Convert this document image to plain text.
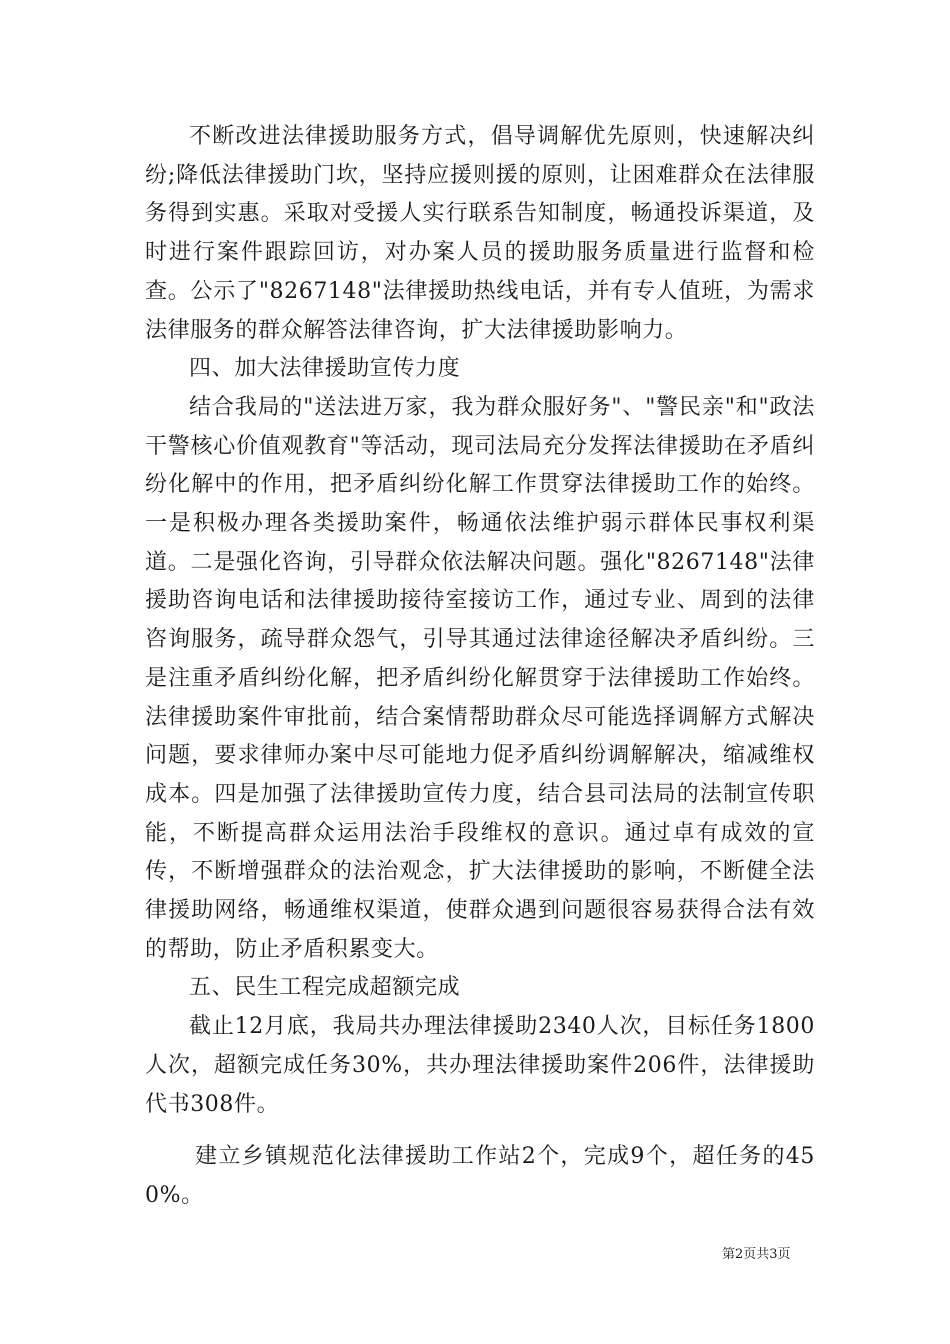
不断改进法律援助服务方式，倡导调解优先原则，快速解决纠纷;降低法律援助门坎，坚持应援则援的原则，让困难群众在法律服务得到实惠。采取对受援人实行联系告知制度，畅通投诉渠道，及时进行案件跟踪回访，对办案人员的援助服务质量进行监督和检查。公示了"8267148"法律援助热线电话，并有专人值班，为需求法律服务的群众解答法律咨询，扩大法律援助影响力。

四、加大法律援助宣传力度

结合我局的"送法进万家，我为群众服好务"、"警民亲"和"政法干警核心价值观教育"等活动，现司法局充分发挥法律援助在矛盾纠纷化解中的作用，把矛盾纠纷化解工作贯穿法律援助工作的始终。一是积极办理各类援助案件，畅通依法维护弱示群体民事权利渠道。二是强化咨询，引导群众依法解决问题。强化"8267148"法律援助咨询电话和法律援助接待室接访工作，通过专业、周到的法律咨询服务，疏导群众怨气，引导其通过法律途径解决矛盾纠纷。三是注重矛盾纠纷化解，把矛盾纠纷化解贯穿于法律援助工作始终。法律援助案件审批前，结合案情帮助群众尽可能选择调解方式解决问题，要求律师办案中尽可能地力促矛盾纠纷调解解决，缩减维权成本。四是加强了法律援助宣传力度，结合县司法局的法制宣传职能，不断提高群众运用法治手段维权的意识。通过卓有成效的宣传，不断增强群众的法治观念，扩大法律援助的影响，不断健全法律援助网络，畅通维权渠道，使群众遇到问题很容易获得合法有效的帮助，防止矛盾积累变大。

五、民生工程完成超额完成

截止12月底，我局共办理法律援助2340人次，目标任务1800人次，超额完成任务30%，共办理法律援助案件206件，法律援助代书308件。

建立乡镇规范化法律援助工作站2个，完成9个，超任务的450%。

第2页共3页
